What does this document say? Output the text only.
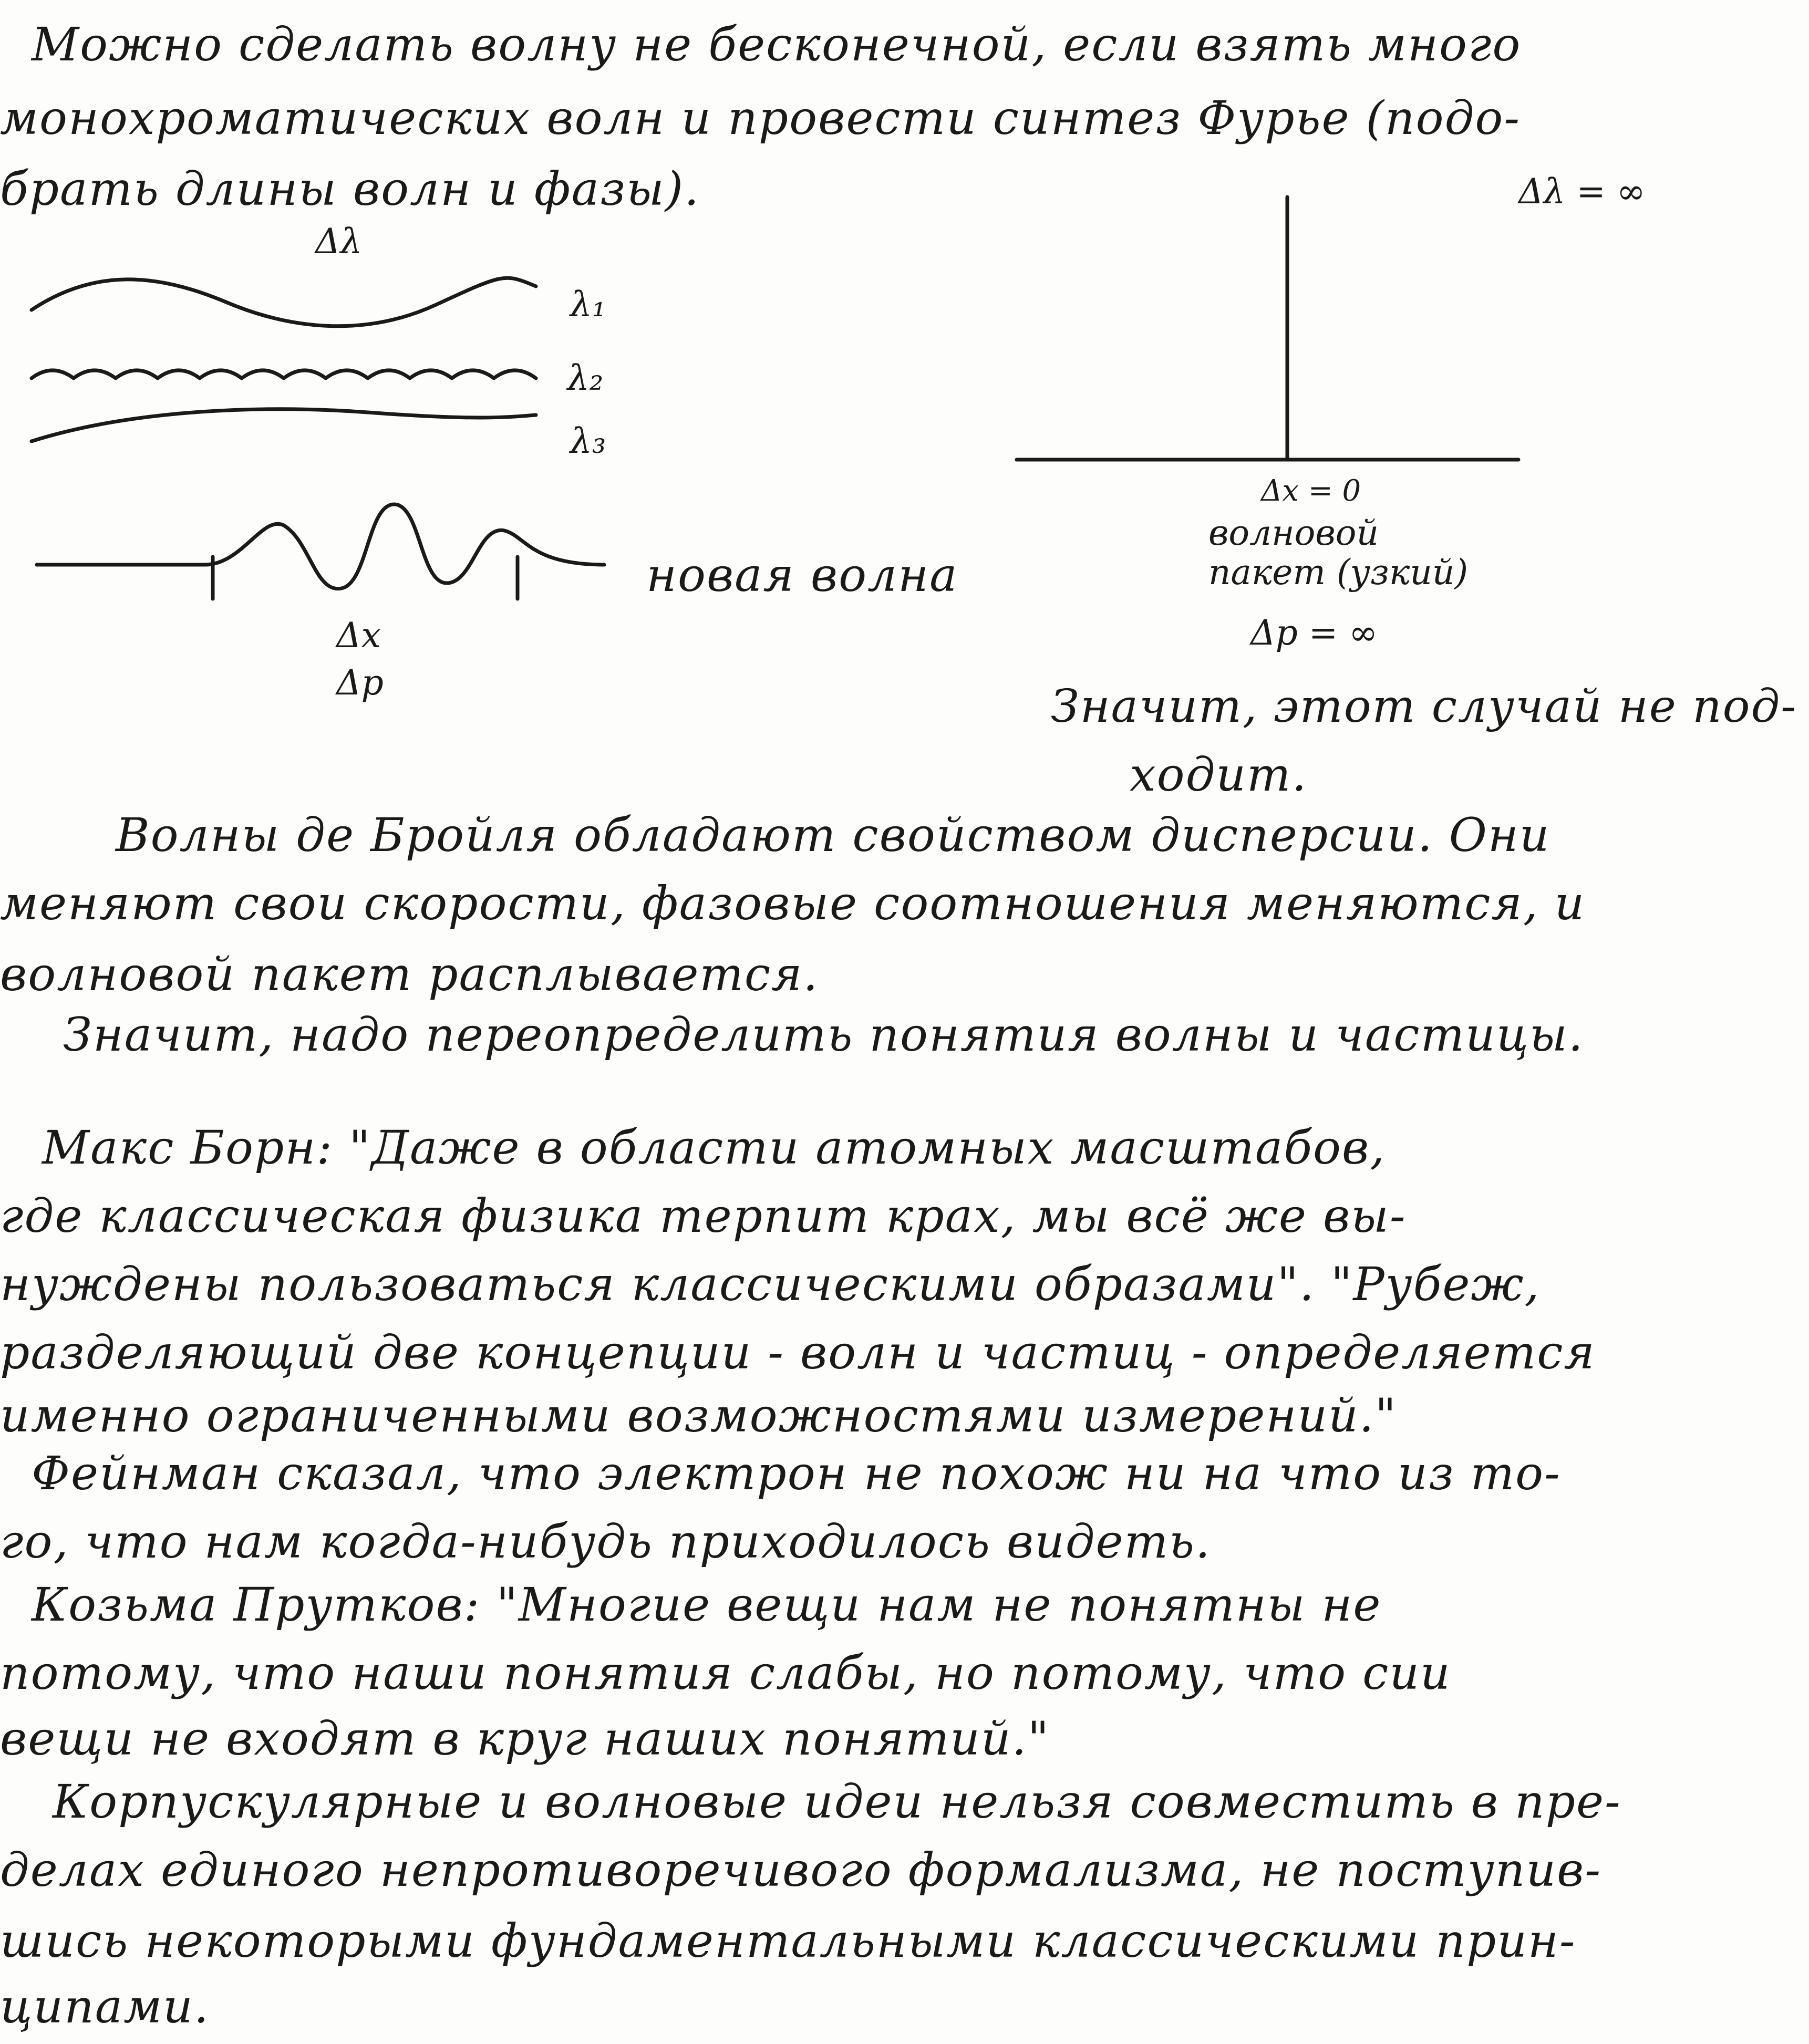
Можно сделать волну не бесконечной, если взять много
монохроматических волн и провести синтез Фурье (подо-
брать длины волн и фазы).
Δλ
λ₁
λ₂
λ₃
новая волна
Δx
Δp
Δλ = ∞
Δx = 0
волновой
пакет (узкий)
Δp = ∞
Значит, этот случай не под-
ходит.
Волны де Бройля обладают свойством дисперсии. Они
меняют свои скорости, фазовые соотношения меняются, и
волновой пакет расплывается.
Значит, надо переопределить понятия волны и частицы.
Макс Борн: "Даже в области атомных масштабов,
где классическая физика терпит крах, мы всё же вы-
нуждены пользоваться классическими образами". "Рубеж,
разделяющий две концепции - волн и частиц - определяется
именно ограниченными возможностями измерений."
Фейнман сказал, что электрон не похож ни на что из то-
го, что нам когда-нибудь приходилось видеть.
Козьма Прутков: "Многие вещи нам не понятны не
потому, что наши понятия слабы, но потому, что сии
вещи не входят в круг наших понятий."
Корпускулярные и волновые идеи нельзя совместить в пре-
делах единого непротиворечивого формализма, не поступив-
шись некоторыми фундаментальными классическими прин-
ципами.
